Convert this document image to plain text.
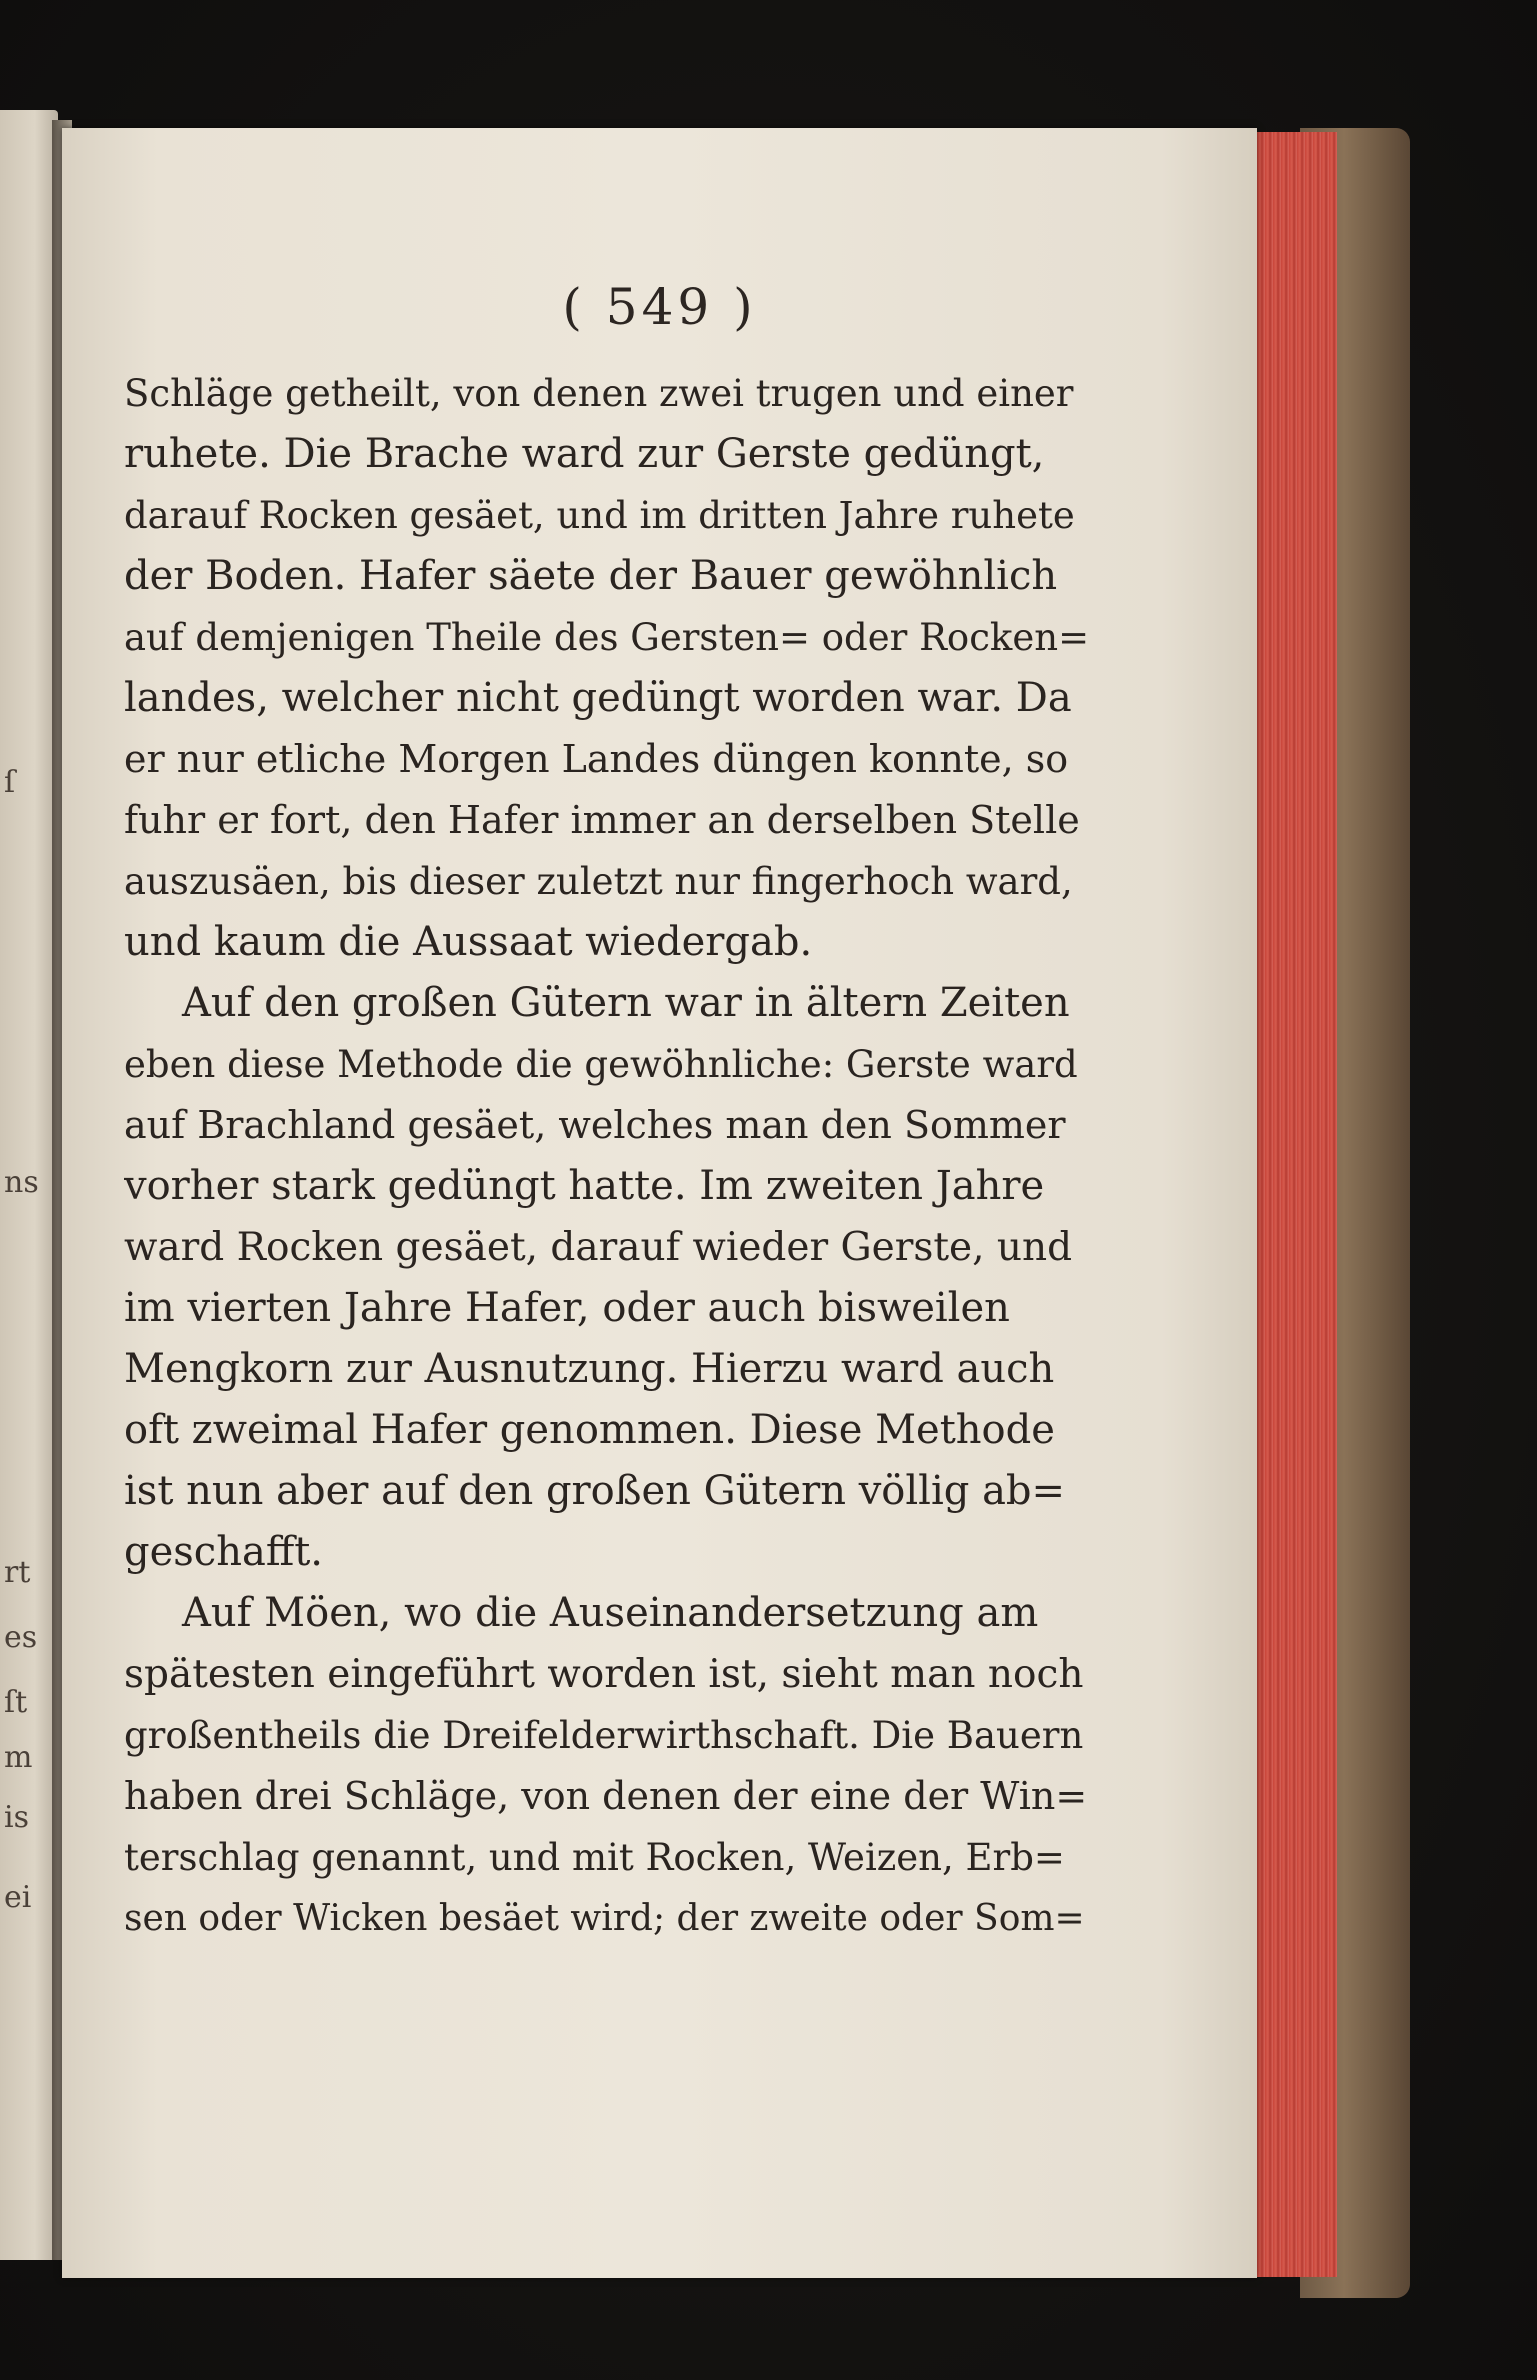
ſ
ns
rt
es
ſt
m
is
ei
( 549 )
Schläge getheilt, von denen zwei trugen und einer
ruhete. Die Brache ward zur Gerste gedüngt,
darauf Rocken gesäet, und im dritten Jahre ruhete
der Boden. Hafer säete der Bauer gewöhnlich
auf demjenigen Theile des Gersten= oder Rocken=
landes, welcher nicht gedüngt worden war. Da
er nur etliche Morgen Landes düngen konnte, so
fuhr er fort, den Hafer immer an derselben Stelle
auszusäen, bis dieser zuletzt nur fingerhoch ward,
und kaum die Aussaat wiedergab.
Auf den großen Gütern war in ältern Zeiten
eben diese Methode die gewöhnliche: Gerste ward
auf Brachland gesäet, welches man den Sommer
vorher stark gedüngt hatte. Im zweiten Jahre
ward Rocken gesäet, darauf wieder Gerste, und
im vierten Jahre Hafer, oder auch bisweilen
Mengkorn zur Ausnutzung. Hierzu ward auch
oft zweimal Hafer genommen. Diese Methode
ist nun aber auf den großen Gütern völlig ab=
geschafft.
Auf Möen, wo die Auseinandersetzung am
spätesten eingeführt worden ist, sieht man noch
großentheils die Dreifelderwirthschaft. Die Bauern
haben drei Schläge, von denen der eine der Win=
terschlag genannt, und mit Rocken, Weizen, Erb=
sen oder Wicken besäet wird; der zweite oder Som=
